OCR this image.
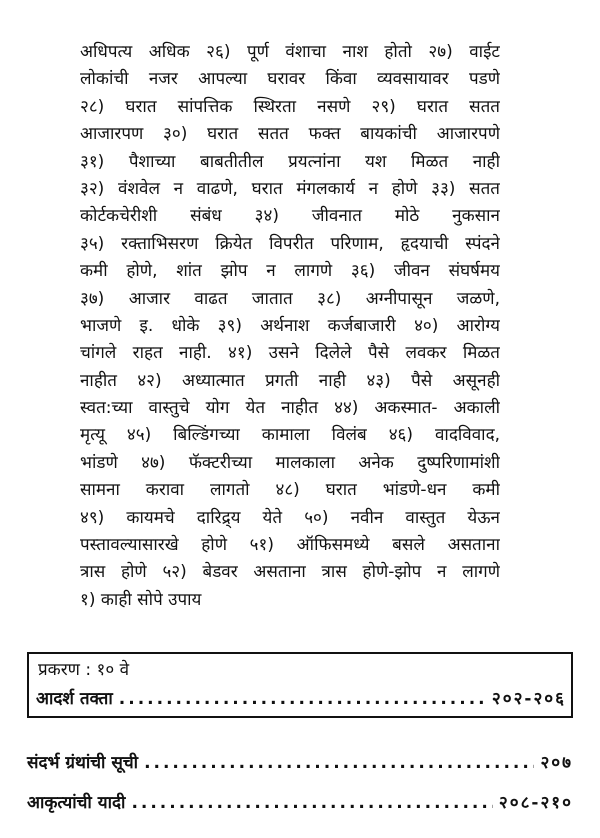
अधिपत्य अधिक २६) पूर्ण वंशाचा नाश होतो २७) वाईट
लोकांची नजर आपल्या घरावर किंवा व्यवसायावर पडणे
२८) घरात सांपत्तिक स्थिरता नसणे २९) घरात सतत
आजारपण ३०) घरात सतत फक्त बायकांची आजारपणे
३१) पैशाच्या बाबतीतील प्रयत्नांना यश मिळत नाही
३२) वंशवेल न वाढणे, घरात मंगलकार्य न होणे ३३) सतत
कोर्टकचेरीशी संबंध ३४) जीवनात मोठे नुकसान
३५) रक्ताभिसरण क्रियेत विपरीत परिणाम, हृदयाची स्पंदने
कमी होणे, शांत झोप न लागणे ३६) जीवन संघर्षमय
३७) आजार वाढत जातात ३८) अग्नीपासून जळणे,
भाजणे इ. धोके ३९) अर्थनाश कर्जबाजारी ४०) आरोग्य
चांगले राहत नाही. ४१) उसने दिलेले पैसे लवकर मिळत
नाहीत ४२) अध्यात्मात प्रगती नाही ४३) पैसे असूनही
स्वत:च्या वास्तुचे योग येत नाहीत ४४) अकस्मात- अकाली
मृत्यू ४५) बिल्डिंगच्या कामाला विलंब ४६) वादविवाद,
भांडणे ४७) फॅक्टरीच्या मालकाला अनेक दुष्परिणामांशी
सामना करावा लागतो ४८) घरात भांडणे-धन कमी
४९) कायमचे दारिद्र्य येते ५०) नवीन वास्तुत येऊन
पस्तावल्यासारखे होणे ५१) ऑफिसमध्ये बसले असताना
त्रास होणे ५२) बेडवर असताना त्रास होणे-झोप न लागणे
१) काही सोपे उपाय
प्रकरण : १० वे
आदर्श तक्ता .....	२०२-२०६
संदर्भ ग्रंथांची सूची .....	२०७
आकृत्यांची यादी .....	२०८-२१०
